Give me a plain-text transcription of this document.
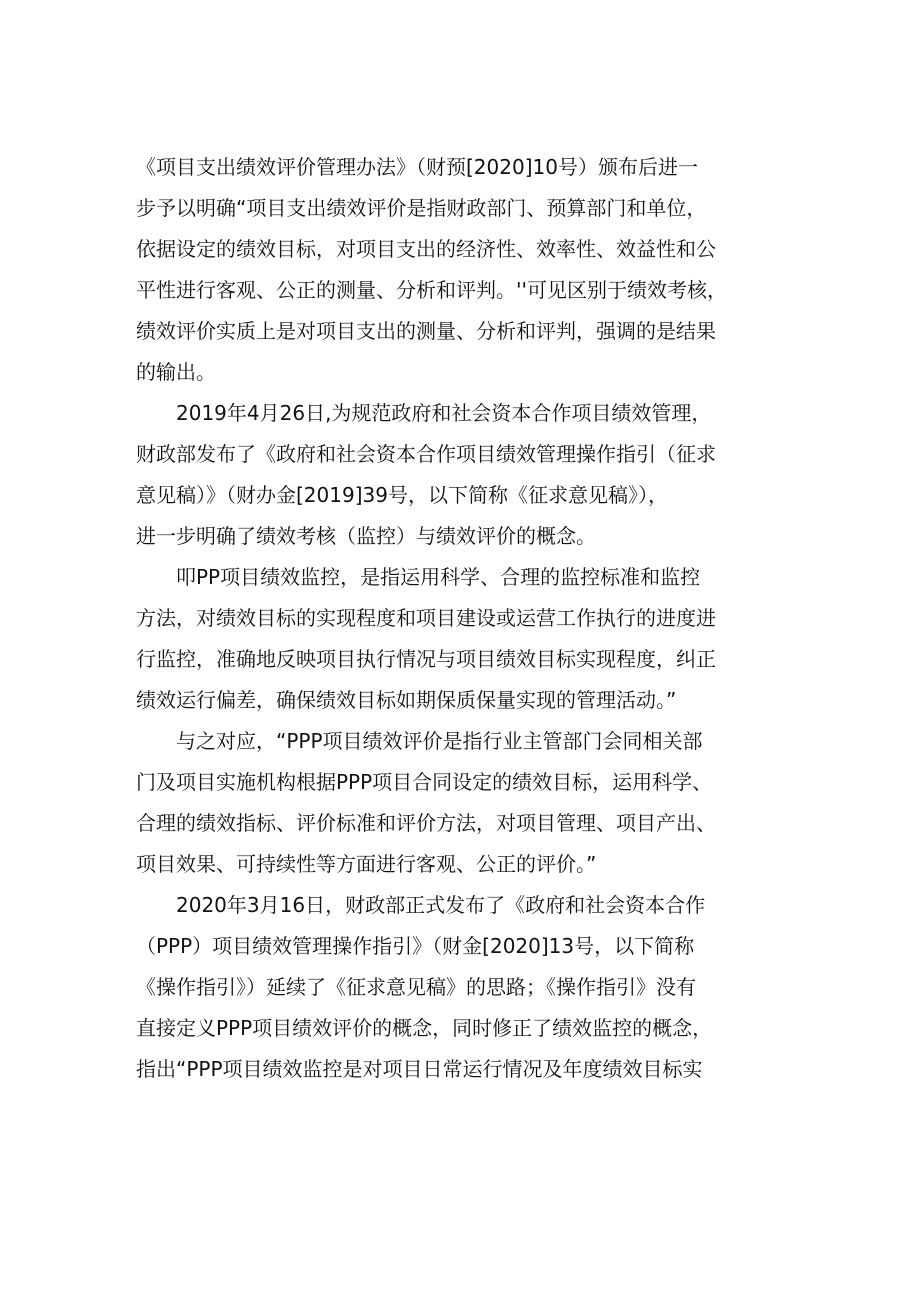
《项目支出绩效评价管理办法》（财预[2020]10号）颁布后进一
步予以明确“项目支出绩效评价是指财政部门、预算部门和单位，
依据设定的绩效目标，对项目支出的经济性、效率性、效益性和公
平性进行客观、公正的测量、分析和评判。''可见区别于绩效考核，
绩效评价实质上是对项目支出的测量、分析和评判，强调的是结果
的输出。
2019年4月26日,为规范政府和社会资本合作项目绩效管理，
财政部发布了《政府和社会资本合作项目绩效管理操作指引（征求
意见稿）》（财办金[2019]39号，以下简称《征求意见稿》），
进一步明确了绩效考核（监控）与绩效评价的概念。
叩PP项目绩效监控，是指运用科学、合理的监控标准和监控
方法，对绩效目标的实现程度和项目建设或运营工作执行的进度进
行监控，准确地反映项目执行情况与项目绩效目标实现程度，纠正
绩效运行偏差，确保绩效目标如期保质保量实现的管理活动。”
与之对应，“PPP项目绩效评价是指行业主管部门会同相关部
门及项目实施机构根据PPP项目合同设定的绩效目标，运用科学、
合理的绩效指标、评价标准和评价方法，对项目管理、项目产出、
项目效果、可持续性等方面进行客观、公正的评价。”
2020年3月16日，财政部正式发布了《政府和社会资本合作
（PPP）项目绩效管理操作指引》（财金[2020]13号，以下简称
《操作指引》）延续了《征求意见稿》的思路；《操作指引》没有
直接定义PPP项目绩效评价的概念，同时修正了绩效监控的概念，
指出“PPP项目绩效监控是对项目日常运行情况及年度绩效目标实
